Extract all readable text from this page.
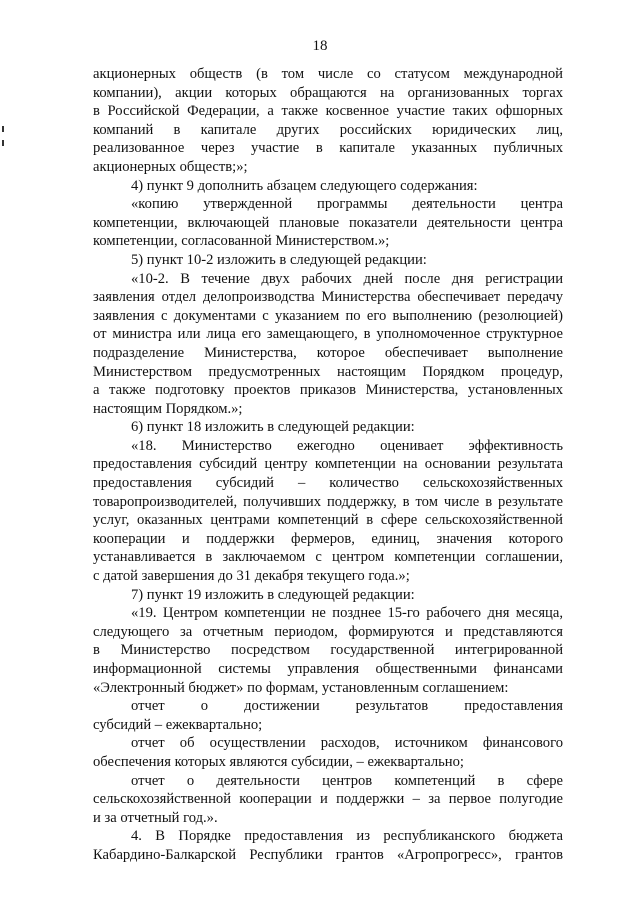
18
акционерных обществ (в том числе со статусом международной
компании), акции которых обращаются на организованных торгах
в Российской Федерации, а также косвенное участие таких офшорных
компаний в капитале других российских юридических лиц,
реализованное через участие в капитале указанных публичных
акционерных обществ;»;
4) пункт 9 дополнить абзацем следующего содержания:
«копию утвержденной программы деятельности центра
компетенции, включающей плановые показатели деятельности центра
компетенции, согласованной Министерством.»;
5) пункт 10-2 изложить в следующей редакции:
«10-2. В течение двух рабочих дней после дня регистрации
заявления отдел делопроизводства Министерства обеспечивает передачу
заявления с документами с указанием по его выполнению (резолюцией)
от министра или лица его замещающего, в уполномоченное структурное
подразделение Министерства, которое обеспечивает выполнение
Министерством предусмотренных настоящим Порядком процедур,
а также подготовку проектов приказов Министерства, установленных
настоящим Порядком.»;
6) пункт 18 изложить в следующей редакции:
«18. Министерство ежегодно оценивает эффективность
предоставления субсидий центру компетенции на основании результата
предоставления субсидий – количество сельскохозяйственных
товаропроизводителей, получивших поддержку, в том числе в результате
услуг, оказанных центрами компетенций в сфере сельскохозяйственной
кооперации и поддержки фермеров, единиц, значения которого
устанавливается в заключаемом с центром компетенции соглашении,
с датой завершения до 31 декабря текущего года.»;
7) пункт 19 изложить в следующей редакции:
«19. Центром компетенции не позднее 15-го рабочего дня месяца,
следующего за отчетным периодом, формируются и представляются
в Министерство посредством государственной интегрированной
информационной системы управления общественными финансами
«Электронный бюджет» по формам, установленным соглашением:
отчет о достижении результатов предоставления
субсидий – ежеквартально;
отчет об осуществлении расходов, источником финансового
обеспечения которых являются субсидии, – ежеквартально;
отчет о деятельности центров компетенций в сфере
сельскохозяйственной кооперации и поддержки – за первое полугодие
и за отчетный год.».
4. В Порядке предоставления из республиканского бюджета
Кабардино-Балкарской Республики грантов «Агропрогресс», грантов
